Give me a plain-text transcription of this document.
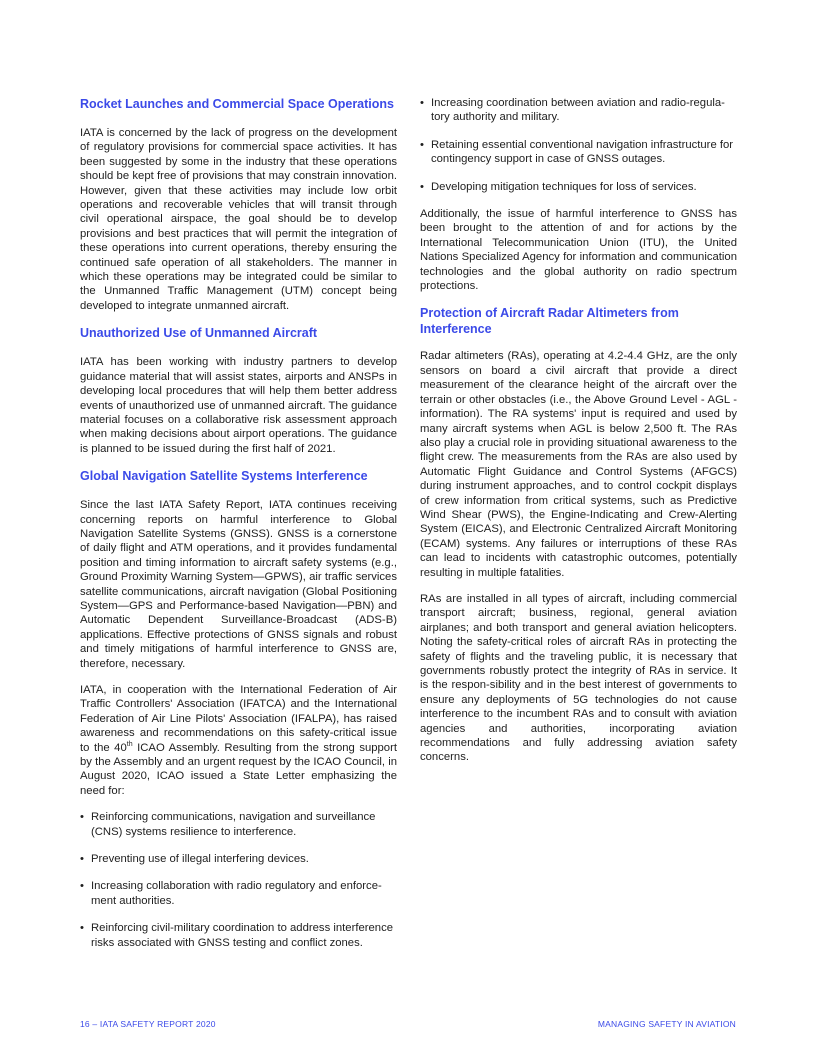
Rocket Launches and Commercial Space Operations

IATA is concerned by the lack of progress on the development of regulatory provisions for commercial space activities. It has been suggested by some in the industry that these operations should be kept free of provisions that may constrain innovation. However, given that these activities may include low orbit operations and recoverable vehicles that will transit through civil operational airspace, the goal should be to develop provisions and best practices that will permit the integration of these operations into current operations, thereby ensuring the continued safe operation of all stakeholders. The manner in which these operations may be integrated could be similar to the Unmanned Traffic Management (UTM) concept being developed to integrate unmanned aircraft.

Unauthorized Use of Unmanned Aircraft

IATA has been working with industry partners to develop guidance material that will assist states, airports and ANSPs in developing local procedures that will help them better address events of unauthorized use of unmanned aircraft. The guidance material focuses on a collaborative risk assessment approach when making decisions about airport operations. The guidance is planned to be issued during the first half of 2021.

Global Navigation Satellite Systems Interference

Since the last IATA Safety Report, IATA continues receiving concerning reports on harmful interference to Global Navigation Satellite Systems (GNSS). GNSS is a cornerstone of daily flight and ATM operations, and it provides fundamental position and timing information to aircraft safety systems (e.g., Ground Proximity Warning System—GPWS), air traffic services satellite communications, aircraft navigation (Global Positioning System—GPS and Performance-based Navigation—PBN) and Automatic Dependent Surveillance-Broadcast (ADS-B) applications. Effective protections of GNSS signals and robust and timely mitigations of harmful interference to GNSS are, therefore, necessary.

IATA, in cooperation with the International Federation of Air Traffic Controllers' Association (IFATCA) and the International Federation of Air Line Pilots' Association (IFALPA), has raised awareness and recommendations on this safety-critical issue to the 40th ICAO Assembly. Resulting from the strong support by the Assembly and an urgent request by the ICAO Council, in August 2020, ICAO issued a State Letter emphasizing the need for:

• Reinforcing communications, navigation and surveillance (CNS) systems resilience to interference.
• Preventing use of illegal interfering devices.
• Increasing collaboration with radio regulatory and enforce-ment authorities.
• Reinforcing civil-military coordination to address interference risks associated with GNSS testing and conflict zones.
• Increasing coordination between aviation and radio-regula-tory authority and military.
• Retaining essential conventional navigation infrastructure for contingency support in case of GNSS outages.
• Developing mitigation techniques for loss of services.

Additionally, the issue of harmful interference to GNSS has been brought to the attention of and for actions by the International Telecommunication Union (ITU), the United Nations Specialized Agency for information and communication technologies and the global authority on radio spectrum protections.

Protection of Aircraft Radar Altimeters from Interference

Radar altimeters (RAs), operating at 4.2-4.4 GHz, are the only sensors on board a civil aircraft that provide a direct measurement of the clearance height of the aircraft over the terrain or other obstacles (i.e., the Above Ground Level - AGL - information). The RA systems' input is required and used by many aircraft systems when AGL is below 2,500 ft. The RAs also play a crucial role in providing situational awareness to the flight crew. The measurements from the RAs are also used by Automatic Flight Guidance and Control Systems (AFGCS) during instrument approaches, and to control cockpit displays of crew information from critical systems, such as Predictive Wind Shear (PWS), the Engine-Indicating and Crew-Alerting System (EICAS), and Electronic Centralized Aircraft Monitoring (ECAM) systems. Any failures or interruptions of these RAs can lead to incidents with catastrophic outcomes, potentially resulting in multiple fatalities.

RAs are installed in all types of aircraft, including commercial transport aircraft; business, regional, general aviation airplanes; and both transport and general aviation helicopters. Noting the safety-critical roles of aircraft RAs in protecting the safety of flights and the traveling public, it is necessary that governments robustly protect the integrity of RAs in service. It is the respon-sibility and in the best interest of governments to ensure any deployments of 5G technologies do not cause interference to the incumbent RAs and to consult with aviation agencies and authorities, incorporating aviation recommendations and fully addressing aviation safety concerns.

16 – IATA SAFETY REPORT 2020	MANAGING SAFETY IN AVIATION
